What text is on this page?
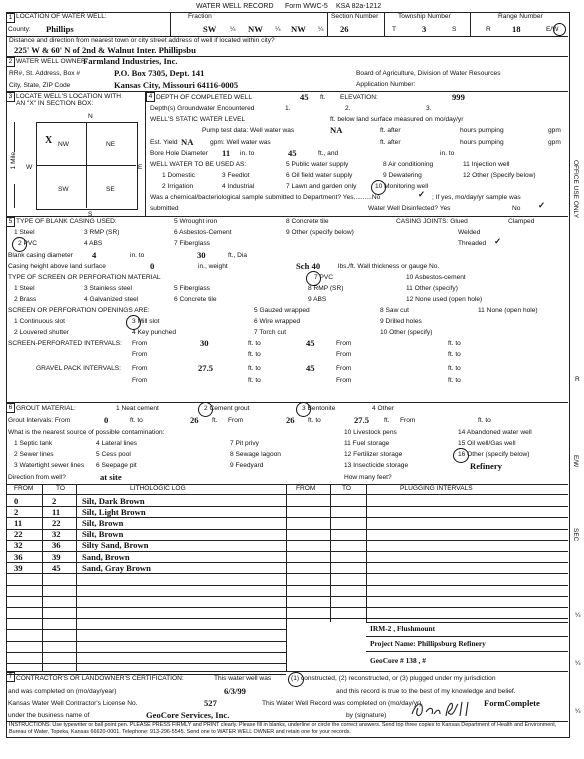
WATER WELL RECORD Form WWC-5 KSA 82a-1212
1 LOCATION OF WATER WELL:
County: Phillips
Fraction
SW ¼ NW ¼ NW ¼
Section Number
26
Township Number
T	3	S
Range Number
R 18	E/W
Distance and direction from nearest town or city street address of well if located within city?
225' W & 60' N of 2nd & Walnut Inter. Phillipsbu
2 WATER WELL OWNER:
Farmland Industries, Inc.
RR#, St. Address, Box #	P.O. Box 7305, Dept. 141
City, State, ZIP Code	Kansas City, Missouri 64116-0005
Board of Agriculture, Division of Water Resources
Application Number:
3 LOCATE WELL'S LOCATION WITH AN "X" IN SECTION BOX:
N
S
W	E
NW	NE
SW	SE
X
1 Mile
4 DEPTH OF COMPLETED WELL	45 ft. ELEVATION:	999
Depth(s) Groundwater Encountered	1.	2.	3.
WELL'S STATIC WATER LEVEL	ft. below land surface measured on mo/day/yr
Pump test data: Well water was	NA	ft. after	hours pumping	gpm
Est. Yield NA	gpm: Well water was	ft. after	hours pumping	gpm
Bore Hole Diameter 11 in. to	45	ft., and	in. to
WELL WATER TO BE USED AS:	5 Public water supply	8 Air conditioning	11 Injection well
1 Domestic	3 Feedlot	6 Oil field water supply	9 Dewatering	12 Other (Specify below)
2 Irrigation	4 Industrial	7 Lawn and garden only	10 Monitoring well
Was a chemical/bacteriological sample submitted to Department? Yes..........No	; If yes, mo/day/yr sample was
✓
submitted	Water Well Disinfected? Yes	No ✓
5 TYPE OF BLANK CASING USED:
1 Steel	3 RMP (SR)
5 Wrought iron	8 Concrete tile	CASING JOINTS: Glued	Clamped
2 PVC	4 ABS
6 Asbestos-Cement	9 Other (specify below)	Welded
7 Fiberglass	Threaded ✓
Blank casing diameter 4	in. to	30	ft., Dia
Casing height above land surface	0	in., weight	Sch 40	lbs./ft. Wall thickness or gauge No.
TYPE OF SCREEN OR PERFORATION MATERIAL	7 PVC	10 Asbestos-cement
1 Steel	3 Stainless steel	5 Fiberglass	8 RMP (SR)	11 Other (specify)
2 Brass	4 Galvanized steel	6 Concrete tile	9 ABS	12 None used (open hole)
SCREEN OR PERFORATION OPENINGS ARE:	5 Gauzed wrapped	8 Saw cut	11 None (open hole)
1 Continuous slot	3 Mill slot	6 Wire wrapped	9 Drilled holes
2 Louvered shutter	4 Key punched	7 Torch cut	10 Other (specify)
SCREEN-PERFORATED INTERVALS: From	30	ft. to	45	From	ft. to
From	ft. to	From	ft. to
GRAVEL PACK INTERVALS: From	27.5	ft. to	45	From	ft. to
From	ft. to	From	ft. to
6 GROUT MATERIAL:	1 Neat cement	2 Cement grout	3 Bentonite	4 Other
Grout Intervals: From	0	ft. to	26 ft. From	26 ft. to	27.5 ft. From	ft. to
What is the nearest source of possible contamination:	10 Livestock pens	14 Abandoned water well
1 Septic tank	4 Lateral lines	7 Pit privy	11 Fuel storage	15 Oil well/Gas well
2 Sewer lines	5 Cess pool	8 Sewage lagoon	12 Fertilizer storage	16 Other (specify below)
3 Watertight sewer lines 6 Seepage pit	9 Feedyard	13 Insecticide storage	Refinery
Direction from well?	at site	How many feet?
FROM	TO	LITHOLOGIC LOG	FROM	TO	PLUGGING INTERVALS
0	2	Silt, Dark Brown
2	11	Silt, Light Brown
11	22 Silt, Brown
22	32 Silt, Brown
32	36 Silty Sand, Brown
36	39 Sand, Brown
39	45 Sand, Gray Brown
IRM-2 , Flushmount
Project Name: Phillipsburg Refinery
GeoCore # 138 , #
7 CONTRACTOR'S OR LANDOWNER'S CERTIFICATION:	This water well was	(1) constructed, (2) reconstructed, or (3) plugged under my jurisdiction
and was completed on (mo/day/year)	6/3/99	and this record is true to the best of my knowledge and belief.
Kansas Water Well Contractor's License No.	527	This Water Well Record was completed on (mo/day/yr)	FormComplete
under the business name of	GeoCore Services, Inc.	by (signature)
INSTRUCTIONS: Use typewriter or ball point pen. PLEASE PRESS FIRMLY and PRINT clearly. Please fill in blanks, underline or circle the correct answers. Send top three copies to Kansas Department of Health and Environment, Bureau of Water, Topeka, Kansas 66620-0001. Telephone: 913-296-5545. Send one to WATER WELL OWNER and retain one for your records.
OFFICE USE ONLY
R
E/W
SEC
¼
¼
¼
